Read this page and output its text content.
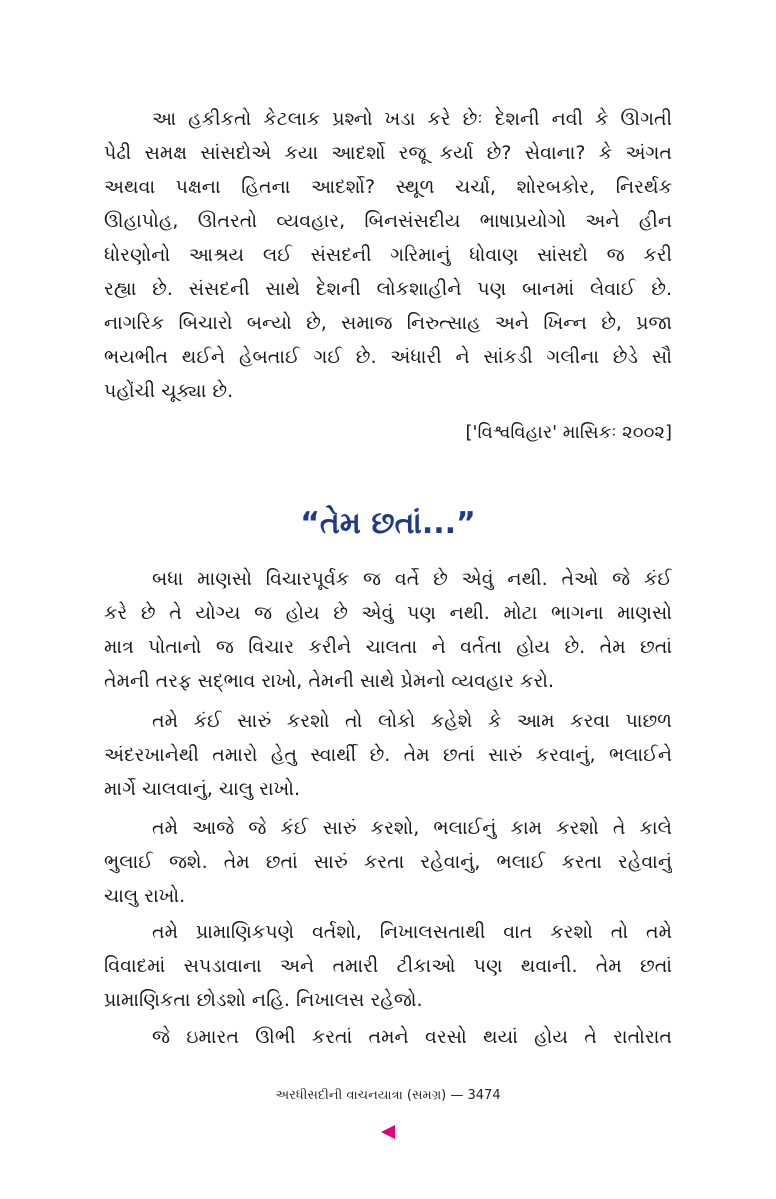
આ હકીકતો કેટલાક પ્રશ્નો ખડા કરે છેઃ દેશની નવી કે ઊગતી

પેઢી સમક્ષ સાંસદોએ કયા આદર્શો રજૂ કર્યા છે? સેવાના? કે અંગત

અથવા પક્ષના હિતના આદર્શો? સ્થૂળ ચર્ચા, શોરબકોર, નિરર્થક

ઊહાપોહ, ઊતરતો વ્યવહાર, બિનસંસદીય ભાષાપ્રયોગો અને હીન

ધોરણોનો આશ્રય લઈ સંસદની ગરિમાનું ધોવાણ સાંસદો જ કરી

રહ્યા છે. સંસદની સાથે દેશની લોકશાહીને પણ બાનમાં લેવાઈ છે.

નાગરિક બિચારો બન્યો છે, સમાજ નિરુત્સાહ અને ખિન્ન છે, પ્રજા

ભયભીત થઈને હેબતાઈ ગઈ છે. અંધારી ને સાંકડી ગલીના છેડે સૌ

પહોંચી ચૂક્યા છે.

['વિશ્વવિહાર' માસિકઃ ૨૦૦૨]
“તેમ છતાં...”

બધા માણસો વિચારપૂર્વક જ વર્તે છે એવું નથી. તેઓ જે કંઈ

કરે છે તે યોગ્ય જ હોય છે એવું પણ નથી. મોટા ભાગના માણસો

માત્ર પોતાનો જ વિચાર કરીને ચાલતા ને વર્તતા હોય છે. તેમ છતાં

તેમની તરફ સદ્ભાવ રાખો, તેમની સાથે પ્રેમનો વ્યવહાર કરો.

તમે કંઈ સારું કરશો તો લોકો કહેશે કે આમ કરવા પાછળ

અંદરખાનેથી તમારો હેતુ સ્વાર્થી છે. તેમ છતાં સારું કરવાનું, ભલાઈને

માર્ગે ચાલવાનું, ચાલુ રાખો.

તમે આજે જે કંઈ સારું કરશો, ભલાઈનું કામ કરશો તે કાલે

ભુલાઈ જશે. તેમ છતાં સારું કરતા રહેવાનું, ભલાઈ કરતા રહેવાનું

ચાલુ રાખો.

તમે પ્રામાણિકપણે વર્તશો, નિખાલસતાથી વાત કરશો તો તમે

વિવાદમાં સપડાવાના અને તમારી ટીકાઓ પણ થવાની. તેમ છતાં

પ્રામાણિકતા છોડશો નહિ. નિખાલસ રહેજો.

જે ઇમારત ઊભી કરતાં તમને વરસો થયાં હોય તે રાતોરાત

અરધીસદીની વાચનયાત્રા (સમગ્ર) — 3474
